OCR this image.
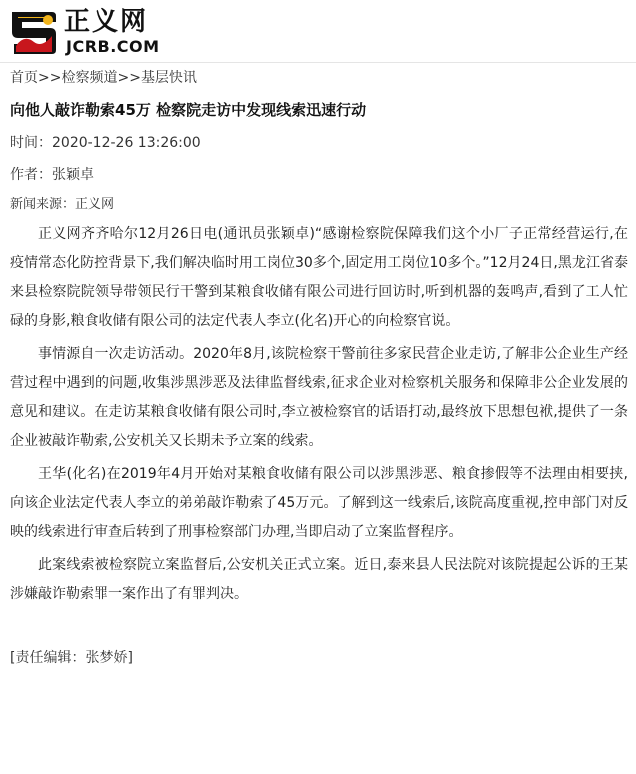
正义网
JCRB.COM
首页>>检察频道>>基层快讯
向他人敲诈勒索45万 检察院走访中发现线索迅速行动

时间：2020-12-26 13:26:00

作者：张颖卓

新闻来源：正义网

正义网齐齐哈尔12月26日电(通讯员张颖卓)“感谢检察院保障我们这个小厂子正常经营运行,在疫情常态化防控背景下,我们解决临时用工岗位30多个,固定用工岗位10多个。”12月24日,黑龙江省泰来县检察院院领导带领民行干警到某粮食收储有限公司进行回访时,听到机器的轰鸣声,看到了工人忙碌的身影,粮食收储有限公司的法定代表人李立(化名)开心的向检察官说。

事情源自一次走访活动。2020年8月,该院检察干警前往多家民营企业走访,了解非公企业生产经营过程中遇到的问题,收集涉黑涉恶及法律监督线索,征求企业对检察机关服务和保障非公企业发展的意见和建议。在走访某粮食收储有限公司时,李立被检察官的话语打动,最终放下思想包袱,提供了一条企业被敲诈勒索,公安机关又长期未予立案的线索。

王华(化名)在2019年4月开始对某粮食收储有限公司以涉黑涉恶、粮食掺假等不法理由相要挟,向该企业法定代表人李立的弟弟敲诈勒索了45万元。了解到这一线索后,该院高度重视,控申部门对反映的线索进行审查后转到了刑事检察部门办理,当即启动了立案监督程序。

此案线索被检察院立案监督后,公安机关正式立案。近日,泰来县人民法院对该院提起公诉的王某涉嫌敲诈勒索罪一案作出了有罪判决。

[责任编辑：张梦娇]
